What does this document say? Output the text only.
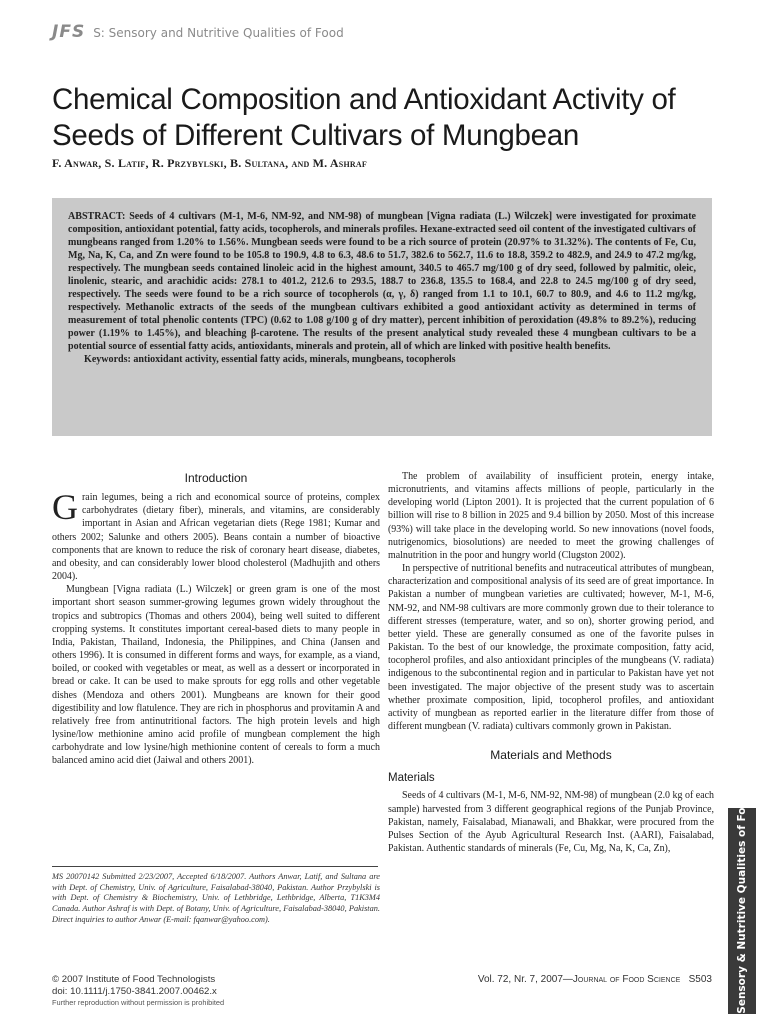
JFS S: Sensory and Nutritive Qualities of Food
Chemical Composition and Antioxidant Activity of Seeds of Different Cultivars of Mungbean
F. Anwar, S. Latif, R. Przybylski, B. Sultana, and M. Ashraf

ABSTRACT: Seeds of 4 cultivars (M-1, M-6, NM-92, and NM-98) of mungbean [Vigna radiata (L.) Wilczek] were investigated for proximate composition, antioxidant potential, fatty acids, tocopherols, and minerals profiles. Hexane-extracted seed oil content of the investigated cultivars of mungbeans ranged from 1.20% to 1.56%. Mungbean seeds were found to be a rich source of protein (20.97% to 31.32%). The contents of Fe, Cu, Mg, Na, K, Ca, and Zn were found to be 105.8 to 190.9, 4.8 to 6.3, 48.6 to 51.7, 382.6 to 562.7, 11.6 to 18.8, 359.2 to 482.9, and 24.9 to 47.2 mg/kg, respectively. The mungbean seeds contained linoleic acid in the highest amount, 340.5 to 465.7 mg/100 g of dry seed, followed by palmitic, oleic, linolenic, stearic, and arachidic acids: 278.1 to 401.2, 212.6 to 293.5, 188.7 to 236.8, 135.5 to 168.4, and 22.8 to 24.5 mg/100 g of dry seed, respectively. The seeds were found to be a rich source of tocopherols (α, γ, δ) ranged from 1.1 to 10.1, 60.7 to 80.9, and 4.6 to 11.2 mg/kg, respectively. Methanolic extracts of the seeds of the mungbean cultivars exhibited a good antioxidant activity as determined in terms of measurement of total phenolic contents (TPC) (0.62 to 1.08 g/100 g of dry matter), percent inhibition of peroxidation (49.8% to 89.2%), reducing power (1.19% to 1.45%), and bleaching β-carotene. The results of the present analytical study revealed these 4 mungbean cultivars to be a potential source of essential fatty acids, antioxidants, minerals and protein, all of which are linked with positive health benefits.

Keywords: antioxidant activity, essential fatty acids, minerals, mungbeans, tocopherols

Introduction

Grain legumes, being a rich and economical source of proteins, complex carbohydrates (dietary fiber), minerals, and vitamins, are considerably important in Asian and African vegetarian diets (Rege 1981; Kumar and others 2002; Salunke and others 2005). Beans contain a number of bioactive components that are known to reduce the risk of coronary heart disease, diabetes, and obesity, and can considerably lower blood cholesterol (Madhujith and others 2004).

Mungbean [Vigna radiata (L.) Wilczek] or green gram is one of the most important short season summer-growing legumes grown widely throughout the tropics and subtropics (Thomas and others 2004), being well suited to different cropping systems. It constitutes important cereal-based diets to many people in India, Pakistan, Thailand, Indonesia, the Philippines, and China (Jansen and others 1996). It is consumed in different forms and ways, for example, as a viand, boiled, or cooked with vegetables or meat, as well as a dessert or incorporated in bread or cake. It can be used to make sprouts for egg rolls and other vegetable dishes (Mendoza and others 2001). Mungbeans are known for their good digestibility and low flatulence. They are rich in phosphorus and provitamin A and relatively free from antinutritional factors. The high protein levels and high lysine/low methionine amino acid profile of mungbean complement the high carbohydrate and low lysine/high methionine content of cereals to form a much balanced amino acid diet (Jaiwal and others 2001).

The problem of availability of insufficient protein, energy intake, micronutrients, and vitamins affects millions of people, particularly in the developing world (Lipton 2001). It is projected that the current population of 6 billion will rise to 8 billion in 2025 and 9.4 billion by 2050. Most of this increase (93%) will take place in the developing world. So new innovations (novel foods, nutrigenomics, biosolutions) are needed to meet the growing challenges of malnutrition in the poor and hungry world (Clugston 2002).

In perspective of nutritional benefits and nutraceutical attributes of mungbean, characterization and compositional analysis of its seed are of great importance. In Pakistan a number of mungbean varieties are cultivated; however, M-1, M-6, NM-92, and NM-98 cultivars are more commonly grown due to their tolerance to different stresses (temperature, water, and so on), shorter growing period, and better yield. These are generally consumed as one of the favorite pulses in Pakistan. To the best of our knowledge, the proximate composition, fatty acid, tocopherol profiles, and also antioxidant principles of the mungbeans (V. radiata) indigenous to the subcontinental region and in particular to Pakistan have yet not been investigated. The major objective of the present study was to ascertain whether proximate composition, lipid, tocopherol profiles, and antioxidant activity of mungbean as reported earlier in the literature differ from those of different mungbean (V. radiata) cultivars commonly grown in Pakistan.

Materials and Methods
Materials

Seeds of 4 cultivars (M-1, M-6, NM-92, NM-98) of mungbean (2.0 kg of each sample) harvested from 3 different geographical regions of the Punjab Province, Pakistan, namely, Faisalabad, Mianawali, and Bhakkar, were procured from the Pulses Section of the Ayub Agricultural Research Inst. (AARI), Faisalabad, Pakistan. Authentic standards of minerals (Fe, Cu, Mg, Na, K, Ca, Zn),

MS 20070142 Submitted 2/23/2007, Accepted 6/18/2007. Authors Anwar, Latif, and Sultana are with Dept. of Chemistry, Univ. of Agriculture, Faisalabad-38040, Pakistan. Author Przybylski is with Dept. of Chemistry & Biochemistry, Univ. of Lethbridge, Lethbridge, Alberta, T1K3M4 Canada. Author Ashraf is with Dept. of Botany, Univ. of Agriculture, Faisalabad-38040, Pakistan. Direct inquiries to author Anwar (E-mail: fqanwar@yahoo.com).

© 2007 Institute of Food Technologists
doi: 10.1111/j.1750-3841.2007.00462.x
Further reproduction without permission is prohibited
Vol. 72, Nr. 7, 2007—Journal of Food Science S503 S: Sensory & Nutritive Qualities of Food
